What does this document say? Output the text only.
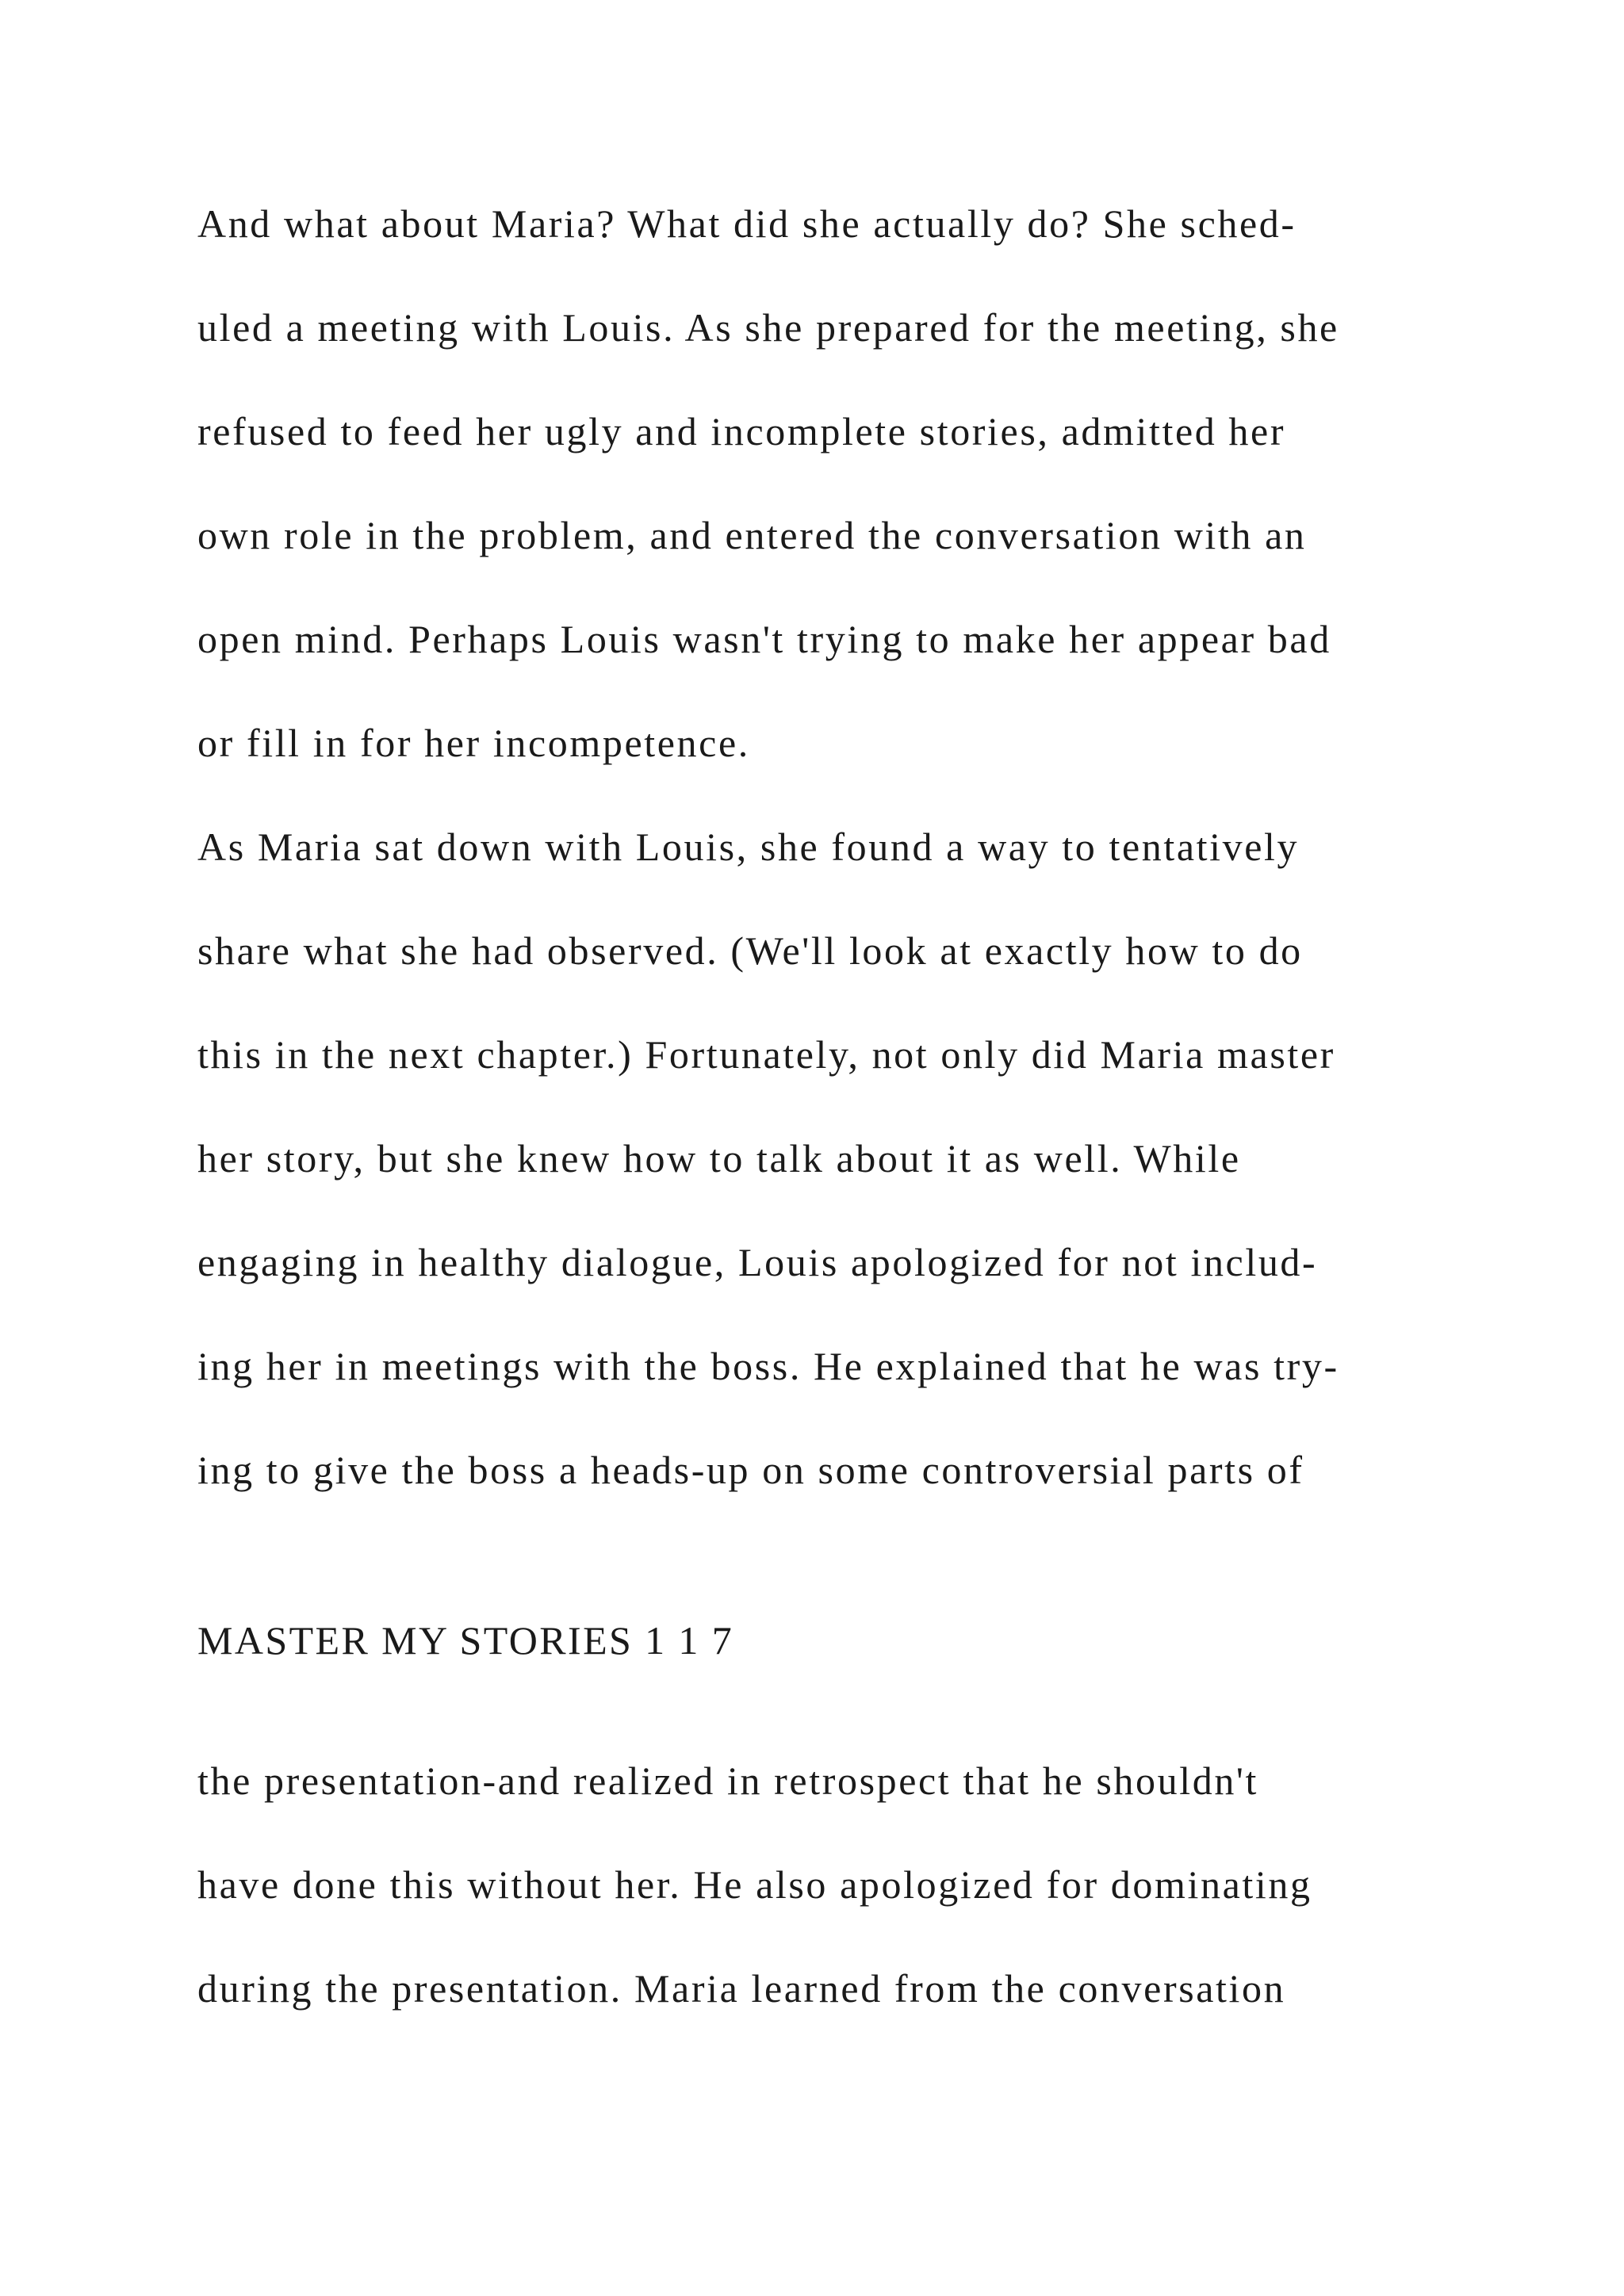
And what about Maria? What did she actually do? She sched-

uled a meeting with Louis. As she prepared for the meeting, she

refused to feed her ugly and incomplete stories, admitted her

own role in the problem, and entered the conversation with an

open mind. Perhaps Louis wasn't trying to make her appear bad

or fill in for her incompetence.

As Maria sat down with Louis, she found a way to tentatively

share what she had observed. (We'll look at exactly how to do

this in the next chapter.) Fortunately, not only did Maria master

her story, but she knew how to talk about it as well. While

engaging in healthy dialogue, Louis apologized for not includ-

ing her in meetings with the boss. He explained that he was try-

ing to give the boss a heads-up on some controversial parts of

MASTER MY STORIES 1 1 7

the presentation-and realized in retrospect that he shouldn't

have done this without her. He also apologized for dominating

during the presentation. Maria learned from the conversation
